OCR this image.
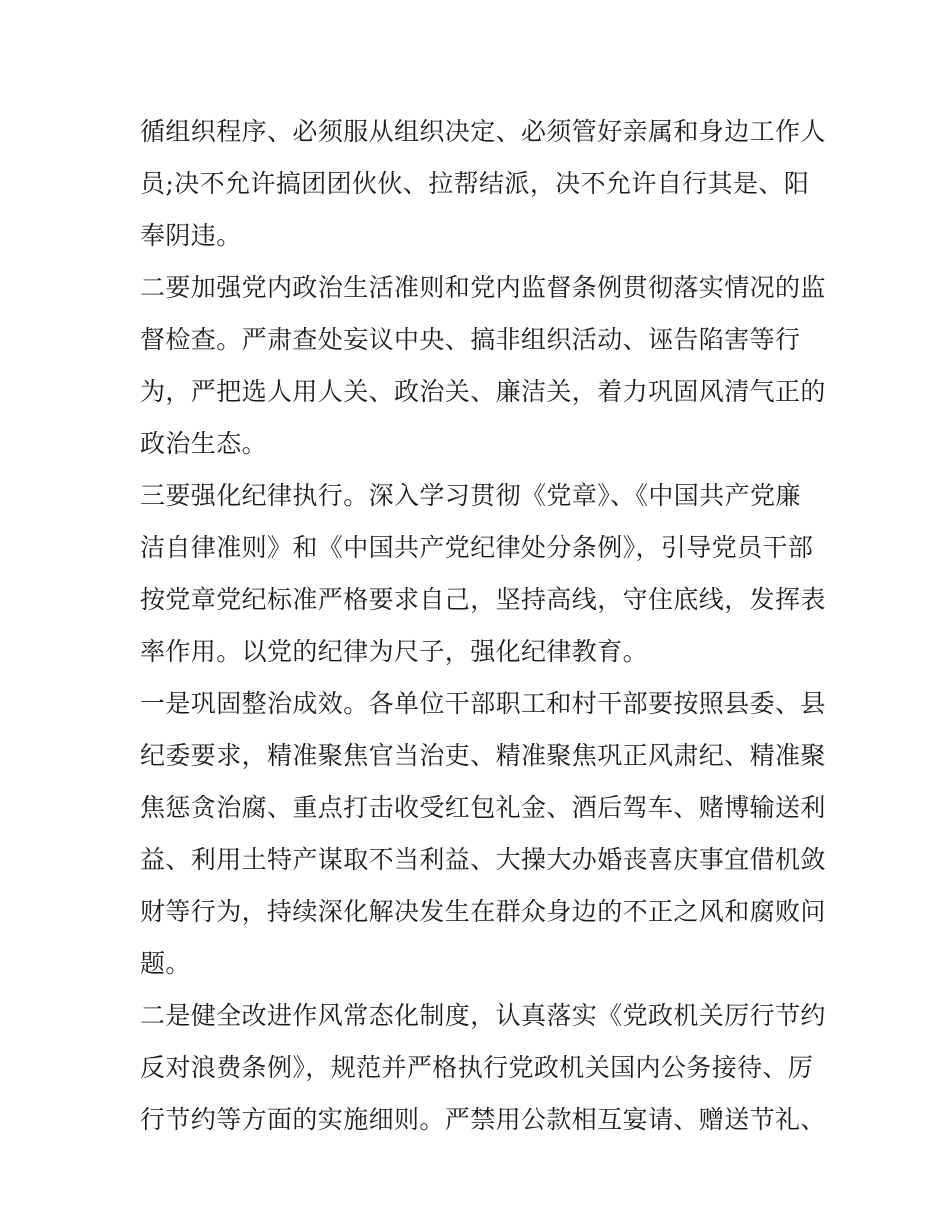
循组织程序、必须服从组织决定、必须管好亲属和身边工作人
员;决不允许搞团团伙伙、拉帮结派，决不允许自行其是、阳
奉阴违。
二要加强党内政治生活准则和党内监督条例贯彻落实情况的监
督检查。严肃查处妄议中央、搞非组织活动、诬告陷害等行
为，严把选人用人关、政治关、廉洁关，着力巩固风清气正的
政治生态。
三要强化纪律执行。深入学习贯彻《党章》、《中国共产党廉
洁自律准则》和《中国共产党纪律处分条例》，引导党员干部
按党章党纪标准严格要求自己，坚持高线，守住底线，发挥表
率作用。以党的纪律为尺子，强化纪律教育。
一是巩固整治成效。各单位干部职工和村干部要按照县委、县
纪委要求，精准聚焦官当治吏、精准聚焦巩正风肃纪、精准聚
焦惩贪治腐、重点打击收受红包礼金、酒后驾车、赌博输送利
益、利用土特产谋取不当利益、大操大办婚丧喜庆事宜借机敛
财等行为，持续深化解决发生在群众身边的不正之风和腐败问
题。
二是健全改进作风常态化制度，认真落实《党政机关厉行节约
反对浪费条例》，规范并严格执行党政机关国内公务接待、厉
行节约等方面的实施细则。严禁用公款相互宴请、赠送节礼、
